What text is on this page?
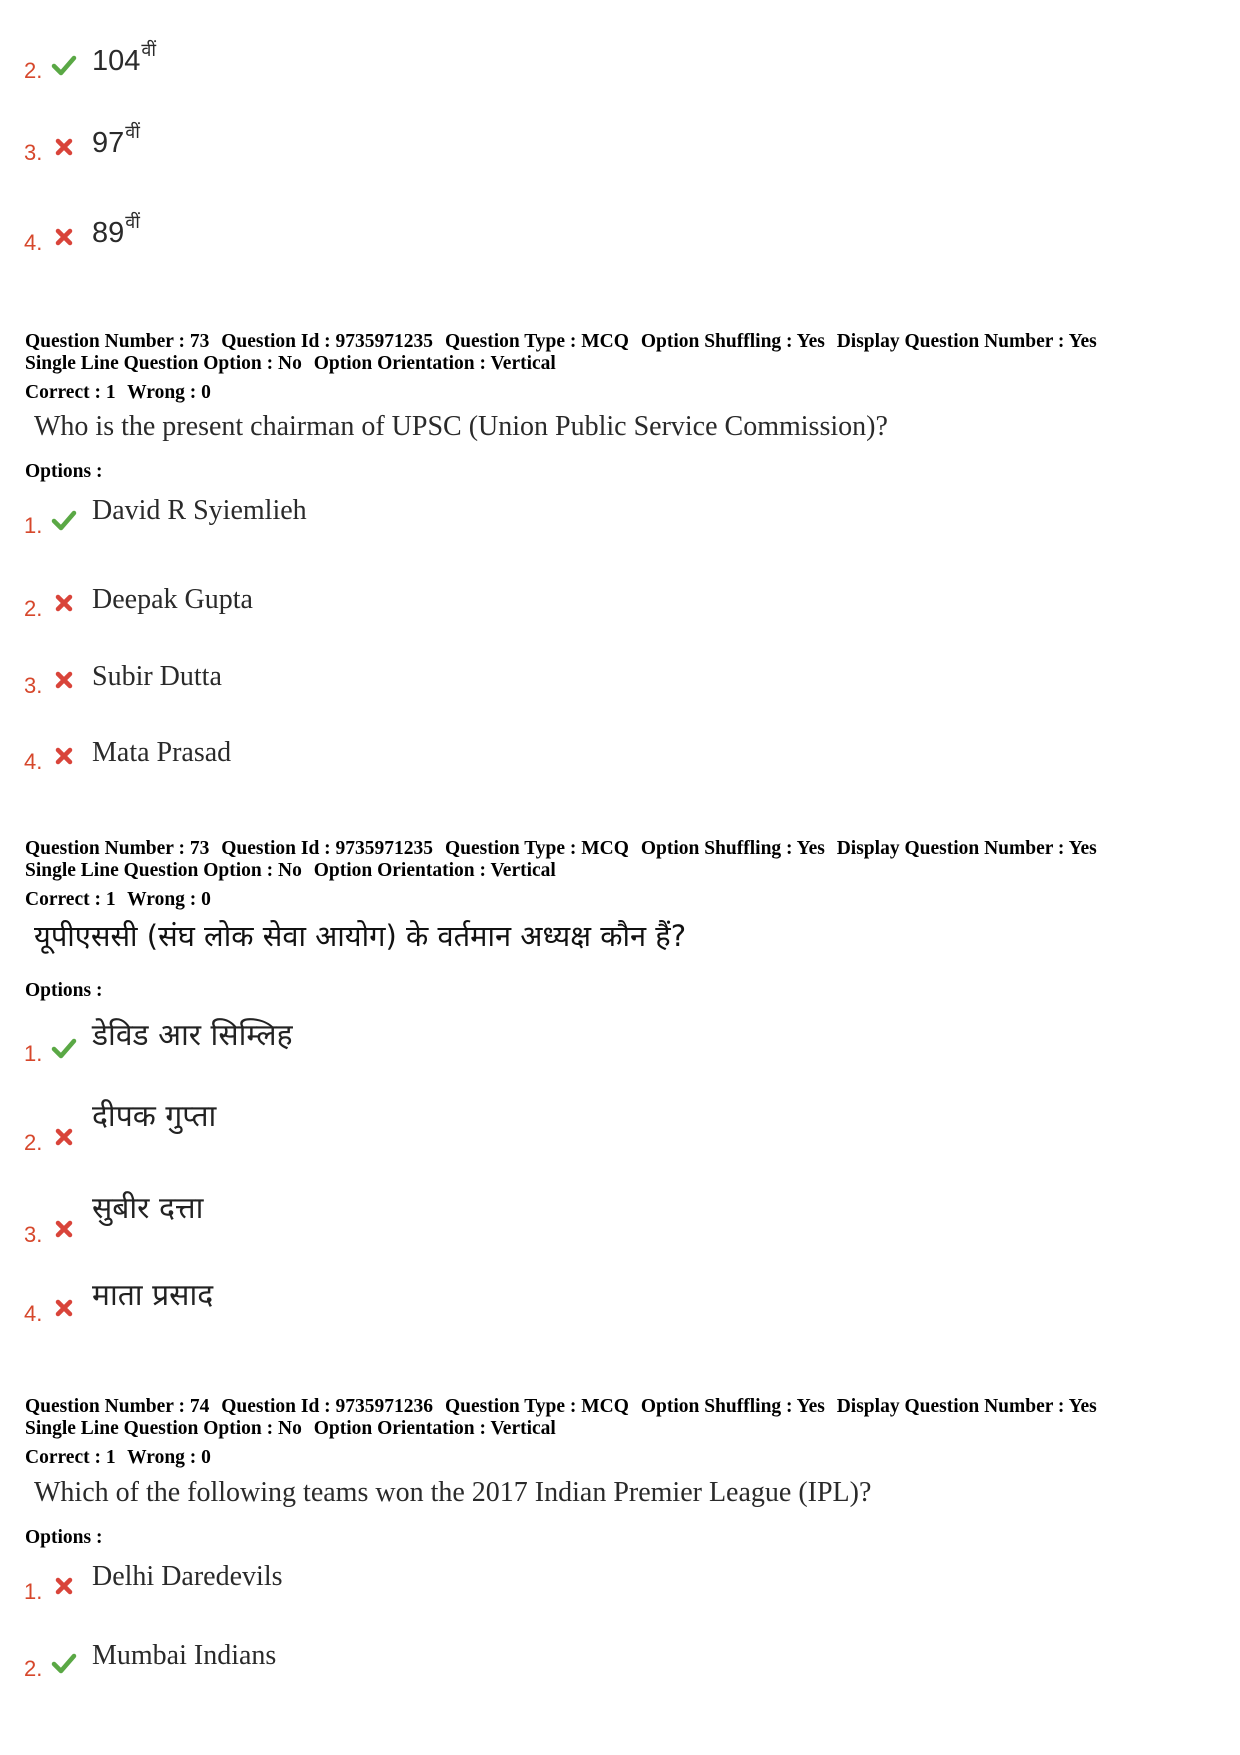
2. $104^{वीं}$
3. $97^{वीं}$
4. $89^{वीं}$
Question Number : 73 Question Id : 9735971235 Question Type : MCQ Option Shuffling : Yes Display Question Number : Yes
Single Line Question Option : No Option Orientation : Vertical
Correct : 1 Wrong : 0
Who is the present chairman of UPSC (Union Public Service Commission)?
Options :
1. David R Syiemlieh
2. Deepak Gupta
3. Subir Dutta
4. Mata Prasad
Question Number : 73 Question Id : 9735971235 Question Type : MCQ Option Shuffling : Yes Display Question Number : Yes
Single Line Question Option : No Option Orientation : Vertical
Correct : 1 Wrong : 0
यूपीएससी (संघ लोक सेवा आयोग) के वर्तमान अध्यक्ष कौन हैं?
Options :
1.
डेविड आर सिम्लिह
2.
दीपक गुप्ता
3.
सुबीर दत्ता
4.
माता प्रसाद
Question Number : 74 Question Id : 9735971236 Question Type : MCQ Option Shuffling : Yes Display Question Number : Yes
Single Line Question Option : No Option Orientation : Vertical
Correct : 1 Wrong : 0
Which of the following teams won the 2017 Indian Premier League (IPL)?
Options :
1. Delhi Daredevils
2. Mumbai Indians
